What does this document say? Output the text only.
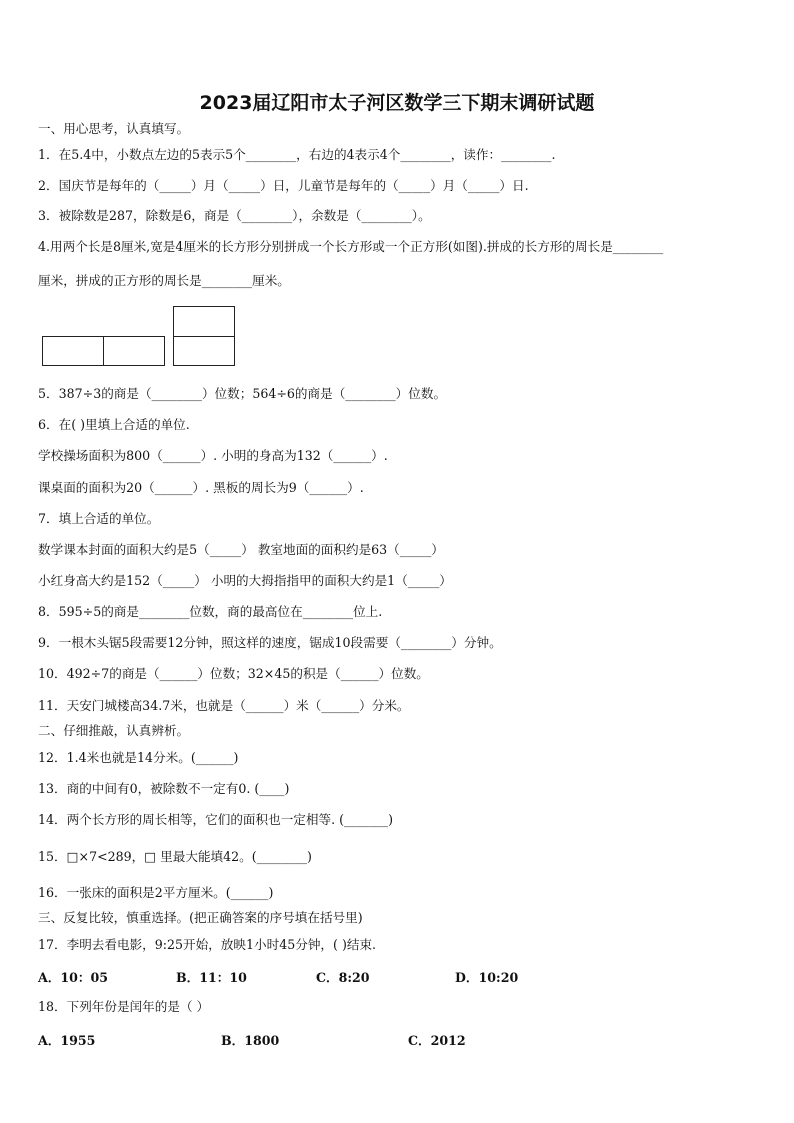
2023届辽阳市太子河区数学三下期末调研试题
一、用心思考，认真填写。
1．在5.4中，小数点左边的5表示5个________，右边的4表示4个________，读作：________.
2．国庆节是每年的（_____）月（_____）日，儿童节是每年的（_____）月（_____）日.
3．被除数是287，除数是6，商是（________），余数是（________）。
4.用两个长是8厘米,宽是4厘米的长方形分别拼成一个长方形或一个正方形(如图).拼成的长方形的周长是________
厘米，拼成的正方形的周长是________厘米。
5．387÷3的商是（________）位数；564÷6的商是（________）位数。
6．在( )里填上合适的单位.
学校操场面积为800（______）. 小明的身高为132（______）.
课桌面的面积为20（______）. 黑板的周长为9（______）.
7．填上合适的单位。
数学课本封面的面积大约是5（_____） 教室地面的面积约是63（_____）
小红身高大约是152（_____） 小明的大拇指指甲的面积大约是1（_____）
8．595÷5的商是________位数，商的最高位在________位上.
9．一根木头锯5段需要12分钟，照这样的速度，锯成10段需要（________）分钟。
10．492÷7的商是（______）位数；32×45的积是（______）位数。
11．天安门城楼高34.7米，也就是（______）米（______）分米。
二、仔细推敲，认真辨析。
12．1.4米也就是14分米。(______)
13．商的中间有0，被除数不一定有0. (____)
14．两个长方形的周长相等，它们的面积也一定相等. (_______)
15．□×7<289，□ 里最大能填42。(________)
16．一张床的面积是2平方厘米。(______)
三、反复比较，慎重选择。(把正确答案的序号填在括号里)
17．李明去看电影，9:25开始，放映1小时45分钟，( )结束.
A．10：05	B．11：10	C．8:20	D．10:20
18．下列年份是闰年的是（ ）
A．1955	B．1800	C．2012
